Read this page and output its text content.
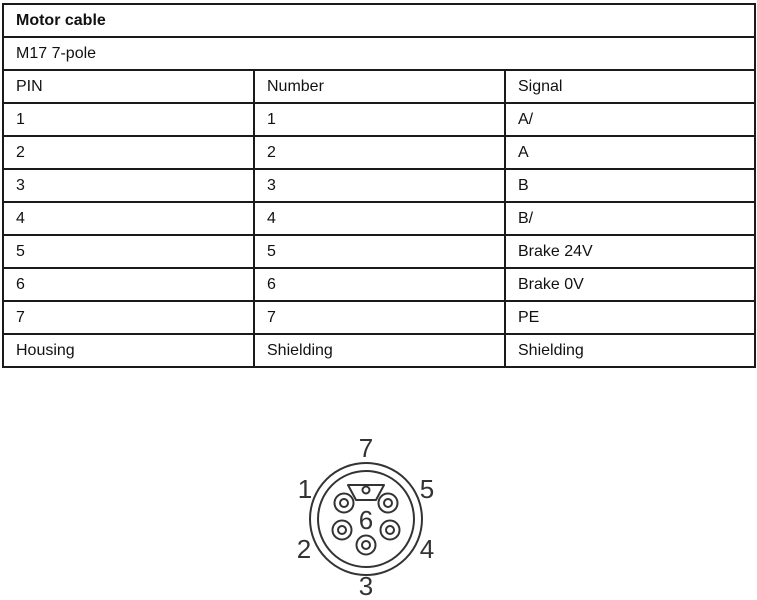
Motor cable		
M17 7-pole		
PIN	Number	Signal
1	1	A/
2	2	A
3	3	B
4	4	B/
5	5	Brake 24V
6	6	Brake 0V
7	7	PE
Housing	Shielding	Shielding
7
1	5
6
2	4
3
